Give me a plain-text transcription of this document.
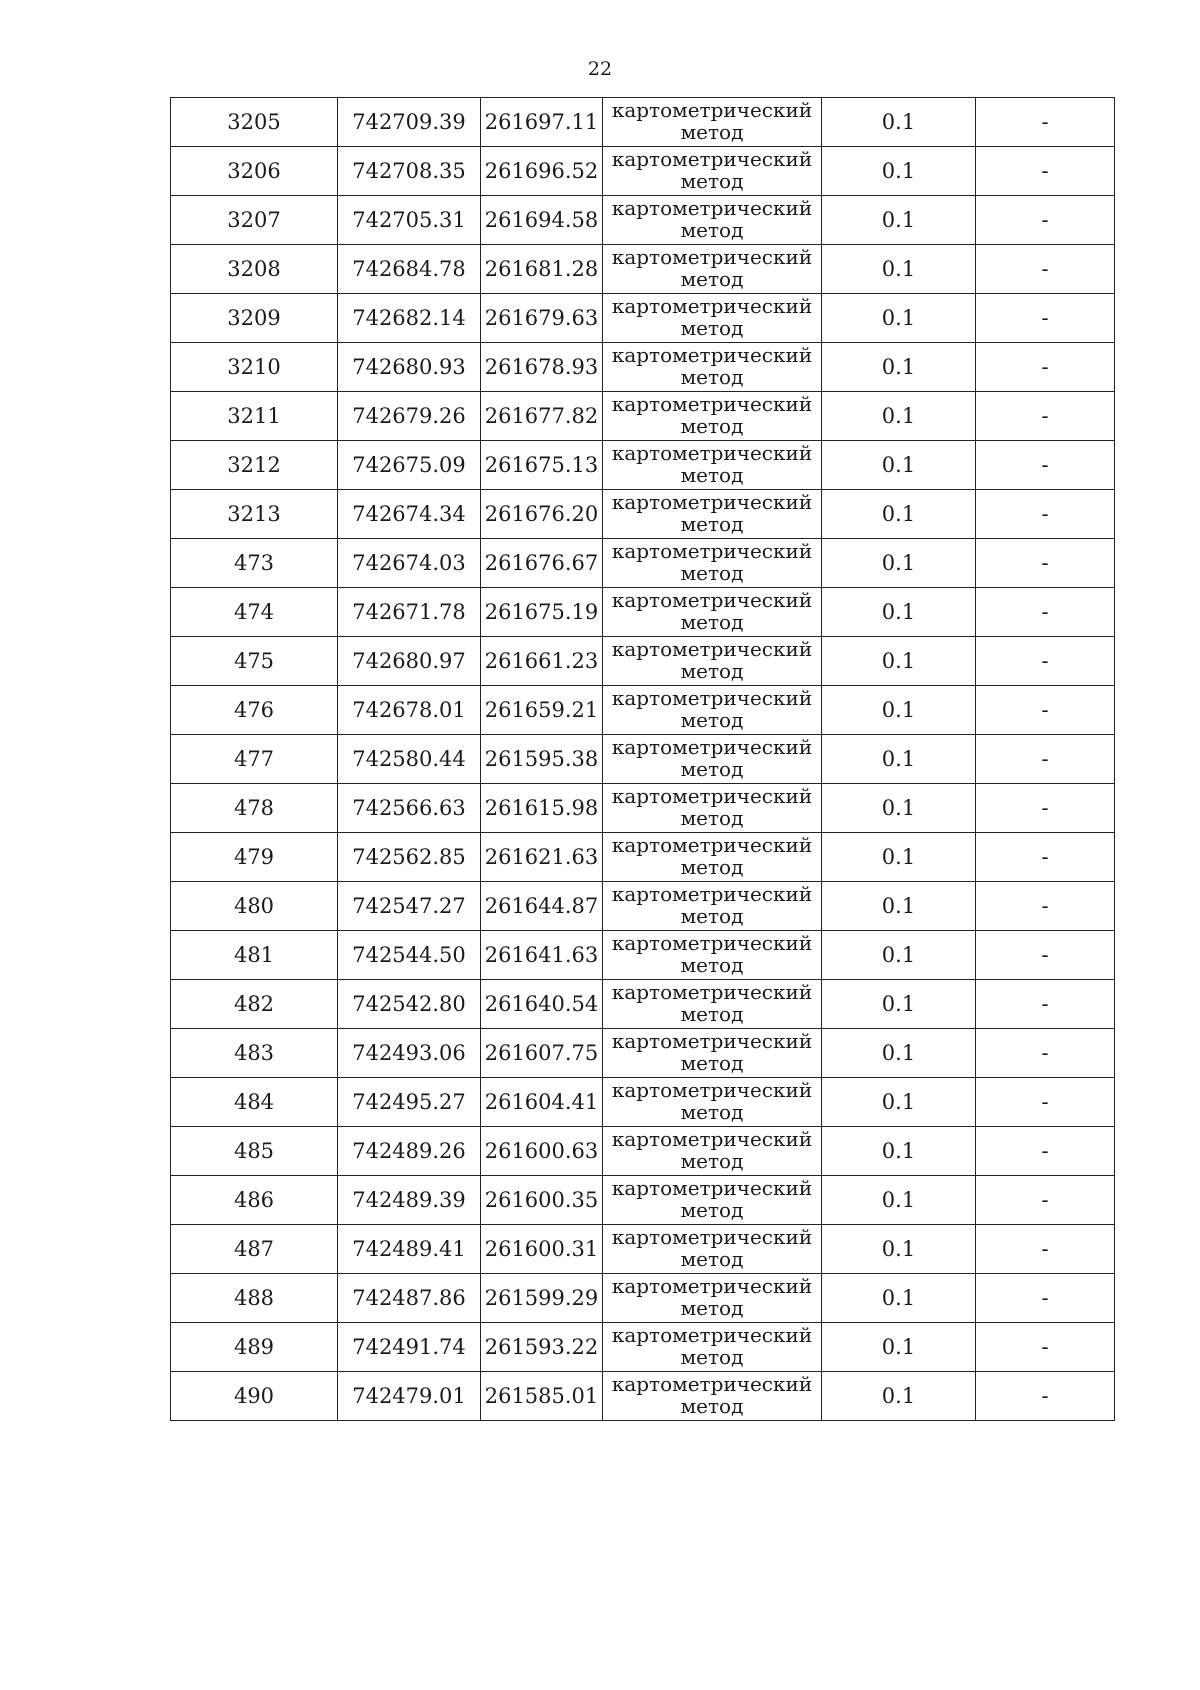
22
3205	742709.39	261697.11	картометрический
метод	0.1	-
3206	742708.35	261696.52	картометрический
метод	0.1	-
3207	742705.31	261694.58	картометрический
метод	0.1	-
3208	742684.78	261681.28	картометрический
метод	0.1	-
3209	742682.14	261679.63	картометрический
метод	0.1	-
3210	742680.93	261678.93	картометрический
метод	0.1	-
3211	742679.26	261677.82	картометрический
метод	0.1	-
3212	742675.09	261675.13	картометрический
метод	0.1	-
3213	742674.34	261676.20	картометрический
метод	0.1	-
473	742674.03	261676.67	картометрический
метод	0.1	-
474	742671.78	261675.19	картометрический
метод	0.1	-
475	742680.97	261661.23	картометрический
метод	0.1	-
476	742678.01	261659.21	картометрический
метод	0.1	-
477	742580.44	261595.38	картометрический
метод	0.1	-
478	742566.63	261615.98	картометрический
метод	0.1	-
479	742562.85	261621.63	картометрический
метод	0.1	-
480	742547.27	261644.87	картометрический
метод	0.1	-
481	742544.50	261641.63	картометрический
метод	0.1	-
482	742542.80	261640.54	картометрический
метод	0.1	-
483	742493.06	261607.75	картометрический
метод	0.1	-
484	742495.27	261604.41	картометрический
метод	0.1	-
485	742489.26	261600.63	картометрический
метод	0.1	-
486	742489.39	261600.35	картометрический
метод	0.1	-
487	742489.41	261600.31	картометрический
метод	0.1	-
488	742487.86	261599.29	картометрический
метод	0.1	-
489	742491.74	261593.22	картометрический
метод	0.1	-
490	742479.01	261585.01	картометрический
метод	0.1	-
